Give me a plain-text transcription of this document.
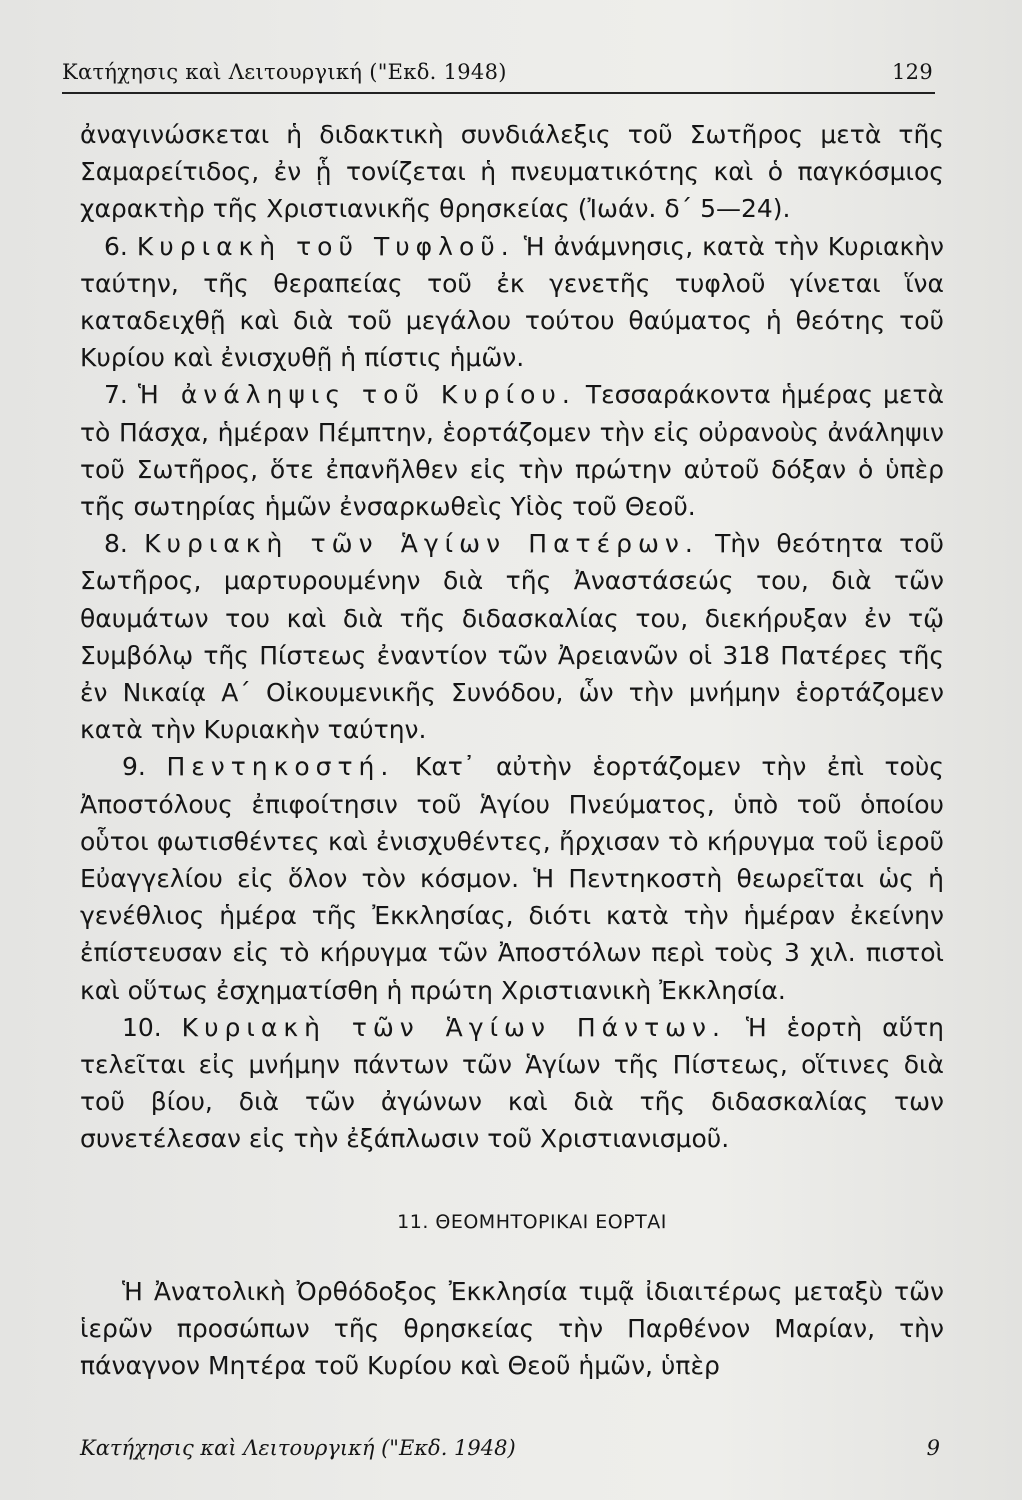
Κατήχησις καὶ Λειτουργική ("Εκδ. 1948)	129

ἀναγινώσκεται ἡ διδακτικὴ συνδιάλεξις τοῦ Σωτῆρος μετὰ τῆς Σαμαρείτιδος, ἐν ᾗ τονίζεται ἡ πνευματικότης καὶ ὁ παγκόσμιος χαρακτὴρ τῆς Χριστιανικῆς θρησκείας (Ἰωάν. δ´ 5—24).

6. Κυριακὴ τοῦ Τυφλοῦ. Ἡ ἀνάμνησις, κατὰ τὴν Κυριακὴν ταύτην, τῆς θεραπείας τοῦ ἐκ γενετῆς τυφλοῦ γίνεται ἵνα καταδειχθῇ καὶ διὰ τοῦ μεγάλου τούτου θαύματος ἡ θεότης τοῦ Κυρίου καὶ ἐνισχυθῇ ἡ πίστις ἡμῶν.

7. Ἡ ἀνάληψις τοῦ Κυρίου. Τεσσαράκοντα ἡμέρας μετὰ τὸ Πάσχα, ἡμέραν Πέμπτην, ἑορτάζομεν τὴν εἰς οὐρανοὺς ἀνάληψιν τοῦ Σωτῆρος, ὅτε ἐπανῆλθεν εἰς τὴν πρώτην αὐτοῦ δόξαν ὁ ὑπὲρ τῆς σωτηρίας ἡμῶν ἐνσαρκωθεὶς Υἱὸς τοῦ Θεοῦ.

8. Κυριακὴ τῶν Ἁγίων Πατέρων. Τὴν θεότητα τοῦ Σωτῆρος, μαρτυρουμένην διὰ τῆς Ἀναστάσεώς του, διὰ τῶν θαυμάτων του καὶ διὰ τῆς διδασκαλίας του, διεκήρυξαν ἐν τῷ Συμβόλῳ τῆς Πίστεως ἐναντίον τῶν Ἀρειανῶν οἱ 318 Πατέρες τῆς ἐν Νικαίᾳ Α´ Οἰκουμενικῆς Συνόδου, ὧν τὴν μνήμην ἑορτάζομεν κατὰ τὴν Κυριακὴν ταύτην.

9. Πεντηκοστή. Κατ᾽ αὐτὴν ἑορτάζομεν τὴν ἐπὶ τοὺς Ἀποστόλους ἐπιφοίτησιν τοῦ Ἁγίου Πνεύματος, ὑπὸ τοῦ ὁποίου οὗτοι φωτισθέντες καὶ ἐνισχυθέντες, ἤρχισαν τὸ κήρυγμα τοῦ ἱεροῦ Εὐαγγελίου εἰς ὅλον τὸν κόσμον. Ἡ Πεντηκοστὴ θεωρεῖται ὡς ἡ γενέθλιος ἡμέρα τῆς Ἐκκλησίας, διότι κατὰ τὴν ἡμέραν ἐκείνην ἐπίστευσαν εἰς τὸ κήρυγμα τῶν Ἀποστόλων περὶ τοὺς 3 χιλ. πιστοὶ καὶ οὕτως ἐσχηματίσθη ἡ πρώτη Χριστιανικὴ Ἐκκλησία.

10. Κυριακὴ τῶν Ἁγίων Πάντων. Ἡ ἑορτὴ αὕτη τελεῖται εἰς μνήμην πάντων τῶν Ἁγίων τῆς Πίστεως, οἵτινες διὰ τοῦ βίου, διὰ τῶν ἀγώνων καὶ διὰ τῆς διδασκαλίας των συνετέλεσαν εἰς τὴν ἐξάπλωσιν τοῦ Χριστιανισμοῦ.

11. ΘΕΟΜΗΤΟΡΙΚΑΙ ΕΟΡΤΑΙ

Ἡ Ἀνατολικὴ Ὀρθόδοξος Ἐκκλησία τιμᾷ ἰδιαιτέρως μεταξὺ τῶν ἱερῶν προσώπων τῆς θρησκείας τὴν Παρθένον Μαρίαν, τὴν πάναγνον Μητέρα τοῦ Κυρίου καὶ Θεοῦ ἡμῶν, ὑπὲρ

Κατήχησις καὶ Λειτουργική ("Εκδ. 1948)	9
